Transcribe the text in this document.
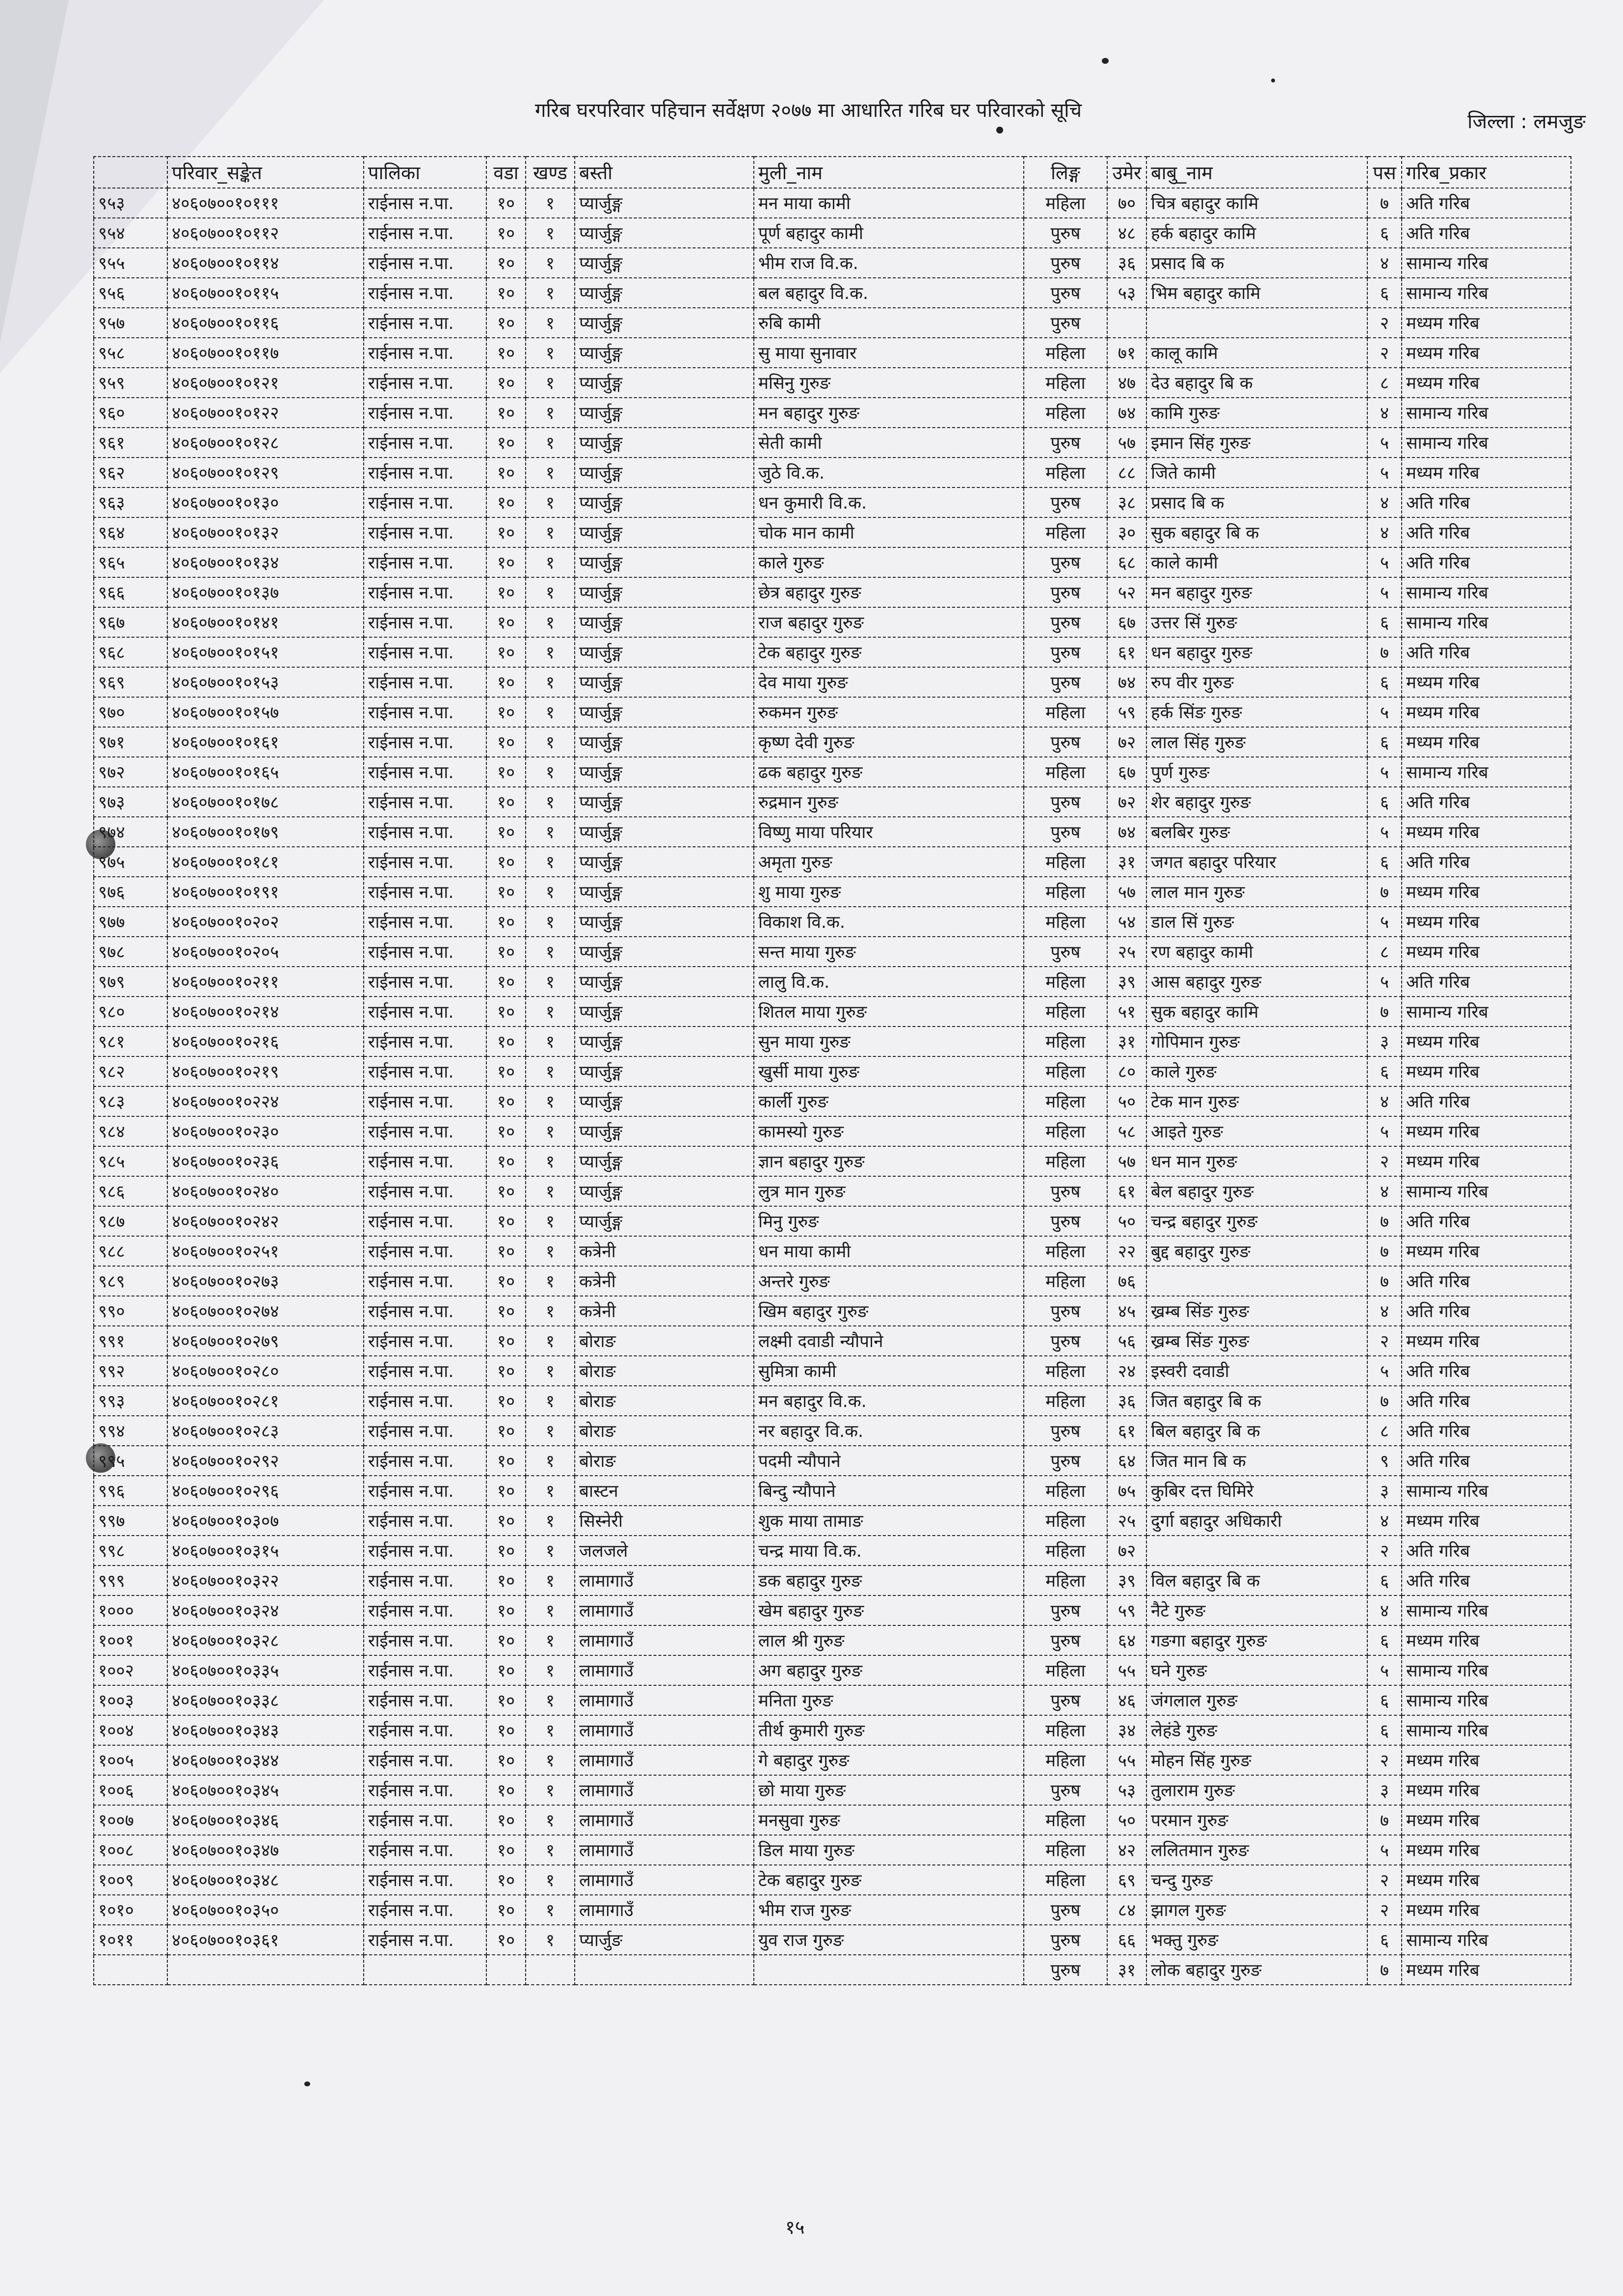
गरिब घरपरिवार पहिचान सर्वेक्षण २०७७ मा आधारित गरिब घर परिवारको सूचि	जिल्ला : लमजुङ
	परिवार_सङ्केत	पालिका	वडा	खण्ड	बस्ती	मुली_नाम	लिङ्ग	उमेर	बाबु_नाम	पस	गरिब_प्रकार
९५३	४०६०७००१०१११	राईनास न.पा.	१०	१	प्यार्जुङ्ग	मन माया कामी	महिला	७०	चित्र बहादुर कामि	७	अति गरिब
९५४	४०६०७००१०११२	राईनास न.पा.	१०	१	प्यार्जुङ्ग	पूर्ण बहादुर कामी	पुरुष	४८	हर्क बहादुर कामि	६	अति गरिब
९५५	४०६०७००१०११४	राईनास न.पा.	१०	१	प्यार्जुङ्ग	भीम राज वि.क.	पुरुष	३६	प्रसाद बि क	४	सामान्य गरिब
९५६	४०६०७००१०११५	राईनास न.पा.	१०	१	प्यार्जुङ्ग	बल बहादुर वि.क.	पुरुष	५३	भिम बहादुर कामि	६	सामान्य गरिब
९५७	४०६०७००१०११६	राईनास न.पा.	१०	१	प्यार्जुङ्ग	रुबि कामी	पुरुष			२	मध्यम गरिब
९५८	४०६०७००१०११७	राईनास न.पा.	१०	१	प्यार्जुङ्ग	सु माया सुनावार	महिला	७१	कालू कामि	२	मध्यम गरिब
९५९	४०६०७००१०१२१	राईनास न.पा.	१०	१	प्यार्जुङ्ग	मसिनु गुरुङ	महिला	४७	देउ बहादुर बि क	८	मध्यम गरिब
९६०	४०६०७००१०१२२	राईनास न.पा.	१०	१	प्यार्जुङ्ग	मन बहादुर गुरुङ	महिला	७४	कामि गुरुङ	४	सामान्य गरिब
९६१	४०६०७००१०१२८	राईनास न.पा.	१०	१	प्यार्जुङ्ग	सेती कामी	पुरुष	५७	इमान सिंह गुरुङ	५	सामान्य गरिब
९६२	४०६०७००१०१२९	राईनास न.पा.	१०	१	प्यार्जुङ्ग	जुठे वि.क.	महिला	८८	जिते कामी	५	मध्यम गरिब
९६३	४०६०७००१०१३०	राईनास न.पा.	१०	१	प्यार्जुङ्ग	धन कुमारी वि.क.	पुरुष	३८	प्रसाद बि क	४	अति गरिब
९६४	४०६०७००१०१३२	राईनास न.पा.	१०	१	प्यार्जुङ्ग	चोक मान कामी	महिला	३०	सुक बहादुर बि क	४	अति गरिब
९६५	४०६०७००१०१३४	राईनास न.पा.	१०	१	प्यार्जुङ्ग	काले गुरुङ	पुरुष	६८	काले कामी	५	अति गरिब
९६६	४०६०७००१०१३७	राईनास न.पा.	१०	१	प्यार्जुङ्ग	छेत्र बहादुर गुरुङ	पुरुष	५२	मन बहादुर गुरुङ	५	सामान्य गरिब
९६७	४०६०७००१०१४१	राईनास न.पा.	१०	१	प्यार्जुङ्ग	राज बहादुर गुरुङ	पुरुष	६७	उत्तर सिं गुरुङ	६	सामान्य गरिब
९६८	४०६०७००१०१५१	राईनास न.पा.	१०	१	प्यार्जुङ्ग	टेक बहादुर गुरुङ	पुरुष	६१	धन बहादुर गुरुङ	७	अति गरिब
९६९	४०६०७००१०१५३	राईनास न.पा.	१०	१	प्यार्जुङ्ग	देव माया गुरुङ	पुरुष	७४	रुप वीर गुरुङ	६	मध्यम गरिब
९७०	४०६०७००१०१५७	राईनास न.पा.	१०	१	प्यार्जुङ्ग	रुकमन गुरुङ	महिला	५९	हर्क सिंङ गुरुङ	५	मध्यम गरिब
९७१	४०६०७००१०१६१	राईनास न.पा.	१०	१	प्यार्जुङ्ग	कृष्ण देवी गुरुङ	पुरुष	७२	लाल सिंह गुरुङ	६	मध्यम गरिब
९७२	४०६०७००१०१६५	राईनास न.पा.	१०	१	प्यार्जुङ्ग	ढक बहादुर गुरुङ	महिला	६७	पुर्ण गुरुङ	५	सामान्य गरिब
९७३	४०६०७००१०१७८	राईनास न.पा.	१०	१	प्यार्जुङ्ग	रुद्रमान गुरुङ	पुरुष	७२	शेर बहादुर गुरुङ	६	अति गरिब
९७४	४०६०७००१०१७९	राईनास न.पा.	१०	१	प्यार्जुङ्ग	विष्णु माया परियार	पुरुष	७४	बलबिर गुरुङ	५	मध्यम गरिब
९७५	४०६०७००१०१८१	राईनास न.पा.	१०	१	प्यार्जुङ्ग	अमृता गुरुङ	महिला	३१	जगत बहादुर परियार	६	अति गरिब
९७६	४०६०७००१०१९१	राईनास न.पा.	१०	१	प्यार्जुङ्ग	शु माया गुरुङ	महिला	५७	लाल मान गुरुङ	७	मध्यम गरिब
९७७	४०६०७००१०२०२	राईनास न.पा.	१०	१	प्यार्जुङ्ग	विकाश वि.क.	महिला	५४	डाल सिं गुरुङ	५	मध्यम गरिब
९७८	४०६०७००१०२०५	राईनास न.पा.	१०	१	प्यार्जुङ्ग	सन्त माया गुरुङ	पुरुष	२५	रण बहादुर कामी	८	मध्यम गरिब
९७९	४०६०७००१०२११	राईनास न.पा.	१०	१	प्यार्जुङ्ग	लालु वि.क.	महिला	३९	आस बहादुर गुरुङ	५	अति गरिब
९८०	४०६०७००१०२१४	राईनास न.पा.	१०	१	प्यार्जुङ्ग	शितल माया गुरुङ	महिला	५१	सुक बहादुर कामि	७	सामान्य गरिब
९८१	४०६०७००१०२१६	राईनास न.पा.	१०	१	प्यार्जुङ्ग	सुन माया गुरुङ	महिला	३१	गोपिमान गुरुङ	३	मध्यम गरिब
९८२	४०६०७००१०२१९	राईनास न.पा.	१०	१	प्यार्जुङ्ग	खुर्सी माया गुरुङ	महिला	८०	काले गुरुङ	६	मध्यम गरिब
९८३	४०६०७००१०२२४	राईनास न.पा.	१०	१	प्यार्जुङ्ग	कार्ली गुरुङ	महिला	५०	टेक मान गुरुङ	४	अति गरिब
९८४	४०६०७००१०२३०	राईनास न.पा.	१०	१	प्यार्जुङ्ग	कामस्यो गुरुङ	महिला	५८	आइते गुरुङ	५	मध्यम गरिब
९८५	४०६०७००१०२३६	राईनास न.पा.	१०	१	प्यार्जुङ्ग	ज्ञान बहादुर गुरुङ	महिला	५७	धन मान गुरुङ	२	मध्यम गरिब
९८६	४०६०७००१०२४०	राईनास न.पा.	१०	१	प्यार्जुङ्ग	लुत्र मान गुरुङ	पुरुष	६१	बेल बहादुर गुरुङ	४	सामान्य गरिब
९८७	४०६०७००१०२४२	राईनास न.पा.	१०	१	प्यार्जुङ्ग	मिनु गुरुङ	पुरुष	५०	चन्द्र बहादुर गुरुङ	७	अति गरिब
९८८	४०६०७००१०२५१	राईनास न.पा.	१०	१	कत्रेनी	धन माया कामी	महिला	२२	बुद्द बहादुर गुरुङ	७	मध्यम गरिब
९८९	४०६०७००१०२७३	राईनास न.पा.	१०	१	कत्रेनी	अन्तरे गुरुङ	महिला	७६		७	अति गरिब
९९०	४०६०७००१०२७४	राईनास न.पा.	१०	१	कत्रेनी	खिम बहादुर गुरुङ	पुरुष	४५	ख्रम्ब सिंङ गुरुङ	४	अति गरिब
९९१	४०६०७००१०२७९	राईनास न.पा.	१०	१	बोराङ	लक्ष्मी दवाडी न्यौपाने	पुरुष	५६	ख्रम्ब सिंङ गुरुङ	२	मध्यम गरिब
९९२	४०६०७००१०२८०	राईनास न.पा.	१०	१	बोराङ	सुमित्रा कामी	महिला	२४	इस्वरी दवाडी	५	अति गरिब
९९३	४०६०७००१०२८१	राईनास न.पा.	१०	१	बोराङ	मन बहादुर वि.क.	महिला	३६	जित बहादुर बि क	७	अति गरिब
९९४	४०६०७००१०२८३	राईनास न.पा.	१०	१	बोराङ	नर बहादुर वि.क.	पुरुष	६१	बिल बहादुर बि क	८	अति गरिब
९९५	४०६०७००१०२९२	राईनास न.पा.	१०	१	बोराङ	पदमी न्यौपाने	पुरुष	६४	जित मान बि क	९	अति गरिब
९९६	४०६०७००१०२९६	राईनास न.पा.	१०	१	बास्टन	बिन्दु न्यौपाने	महिला	७५	कुबिर दत्त घिमिरे	३	सामान्य गरिब
९९७	४०६०७००१०३०७	राईनास न.पा.	१०	१	सिस्नेरी	शुक माया तामाङ	महिला	२५	दुर्गा बहादुर अधिकारी	४	मध्यम गरिब
९९८	४०६०७००१०३१५	राईनास न.पा.	१०	१	जलजले	चन्द्र माया वि.क.	महिला	७२		२	अति गरिब
९९९	४०६०७००१०३२२	राईनास न.पा.	१०	१	लामागाउँ	डक बहादुर गुरुङ	महिला	३९	विल बहादुर बि क	६	अति गरिब
१०००	४०६०७००१०३२४	राईनास न.पा.	१०	१	लामागाउँ	खेम बहादुर गुरुङ	पुरुष	५९	नैटे गुरुङ	४	सामान्य गरिब
१००१	४०६०७००१०३२८	राईनास न.पा.	१०	१	लामागाउँ	लाल श्री गुरुङ	पुरुष	६४	गङगा बहादुर गुरुङ	६	मध्यम गरिब
१००२	४०६०७००१०३३५	राईनास न.पा.	१०	१	लामागाउँ	अग बहादुर गुरुङ	महिला	५५	घने गुरुङ	५	सामान्य गरिब
१००३	४०६०७००१०३३८	राईनास न.पा.	१०	१	लामागाउँ	मनिता गुरुङ	पुरुष	४६	जंगलाल गुरुङ	६	सामान्य गरिब
१००४	४०६०७००१०३४३	राईनास न.पा.	१०	१	लामागाउँ	तीर्थ कुमारी गुरुङ	महिला	३४	लेहंडे गुरुङ	६	सामान्य गरिब
१००५	४०६०७००१०३४४	राईनास न.पा.	१०	१	लामागाउँ	गे बहादुर गुरुङ	महिला	५५	मोहन सिंह गुरुङ	२	मध्यम गरिब
१००६	४०६०७००१०३४५	राईनास न.पा.	१०	१	लामागाउँ	छो माया गुरुङ	पुरुष	५३	तुलाराम गुरुङ	३	मध्यम गरिब
१००७	४०६०७००१०३४६	राईनास न.पा.	१०	१	लामागाउँ	मनसुवा गुरुङ	महिला	५०	परमान गुरुङ	७	मध्यम गरिब
१००८	४०६०७००१०३४७	राईनास न.पा.	१०	१	लामागाउँ	डिल माया गुरुङ	महिला	४२	ललितमान गुरुङ	५	मध्यम गरिब
१००९	४०६०७००१०३४८	राईनास न.पा.	१०	१	लामागाउँ	टेक बहादुर गुरुङ	महिला	६९	चन्दु गुरुङ	२	मध्यम गरिब
१०१०	४०६०७००१०३५०	राईनास न.पा.	१०	१	लामागाउँ	भीम राज गुरुङ	पुरुष	८४	झागल गुरुङ	२	मध्यम गरिब
१०११	४०६०७००१०३६१	राईनास न.पा.	१०	१	प्यार्जुङ	युव राज गुरुङ	पुरुष	६६	भक्तु गुरुङ	६	सामान्य गरिब
							पुरुष	३१	लोक बहादुर गुरुङ	७	मध्यम गरिब
१५
